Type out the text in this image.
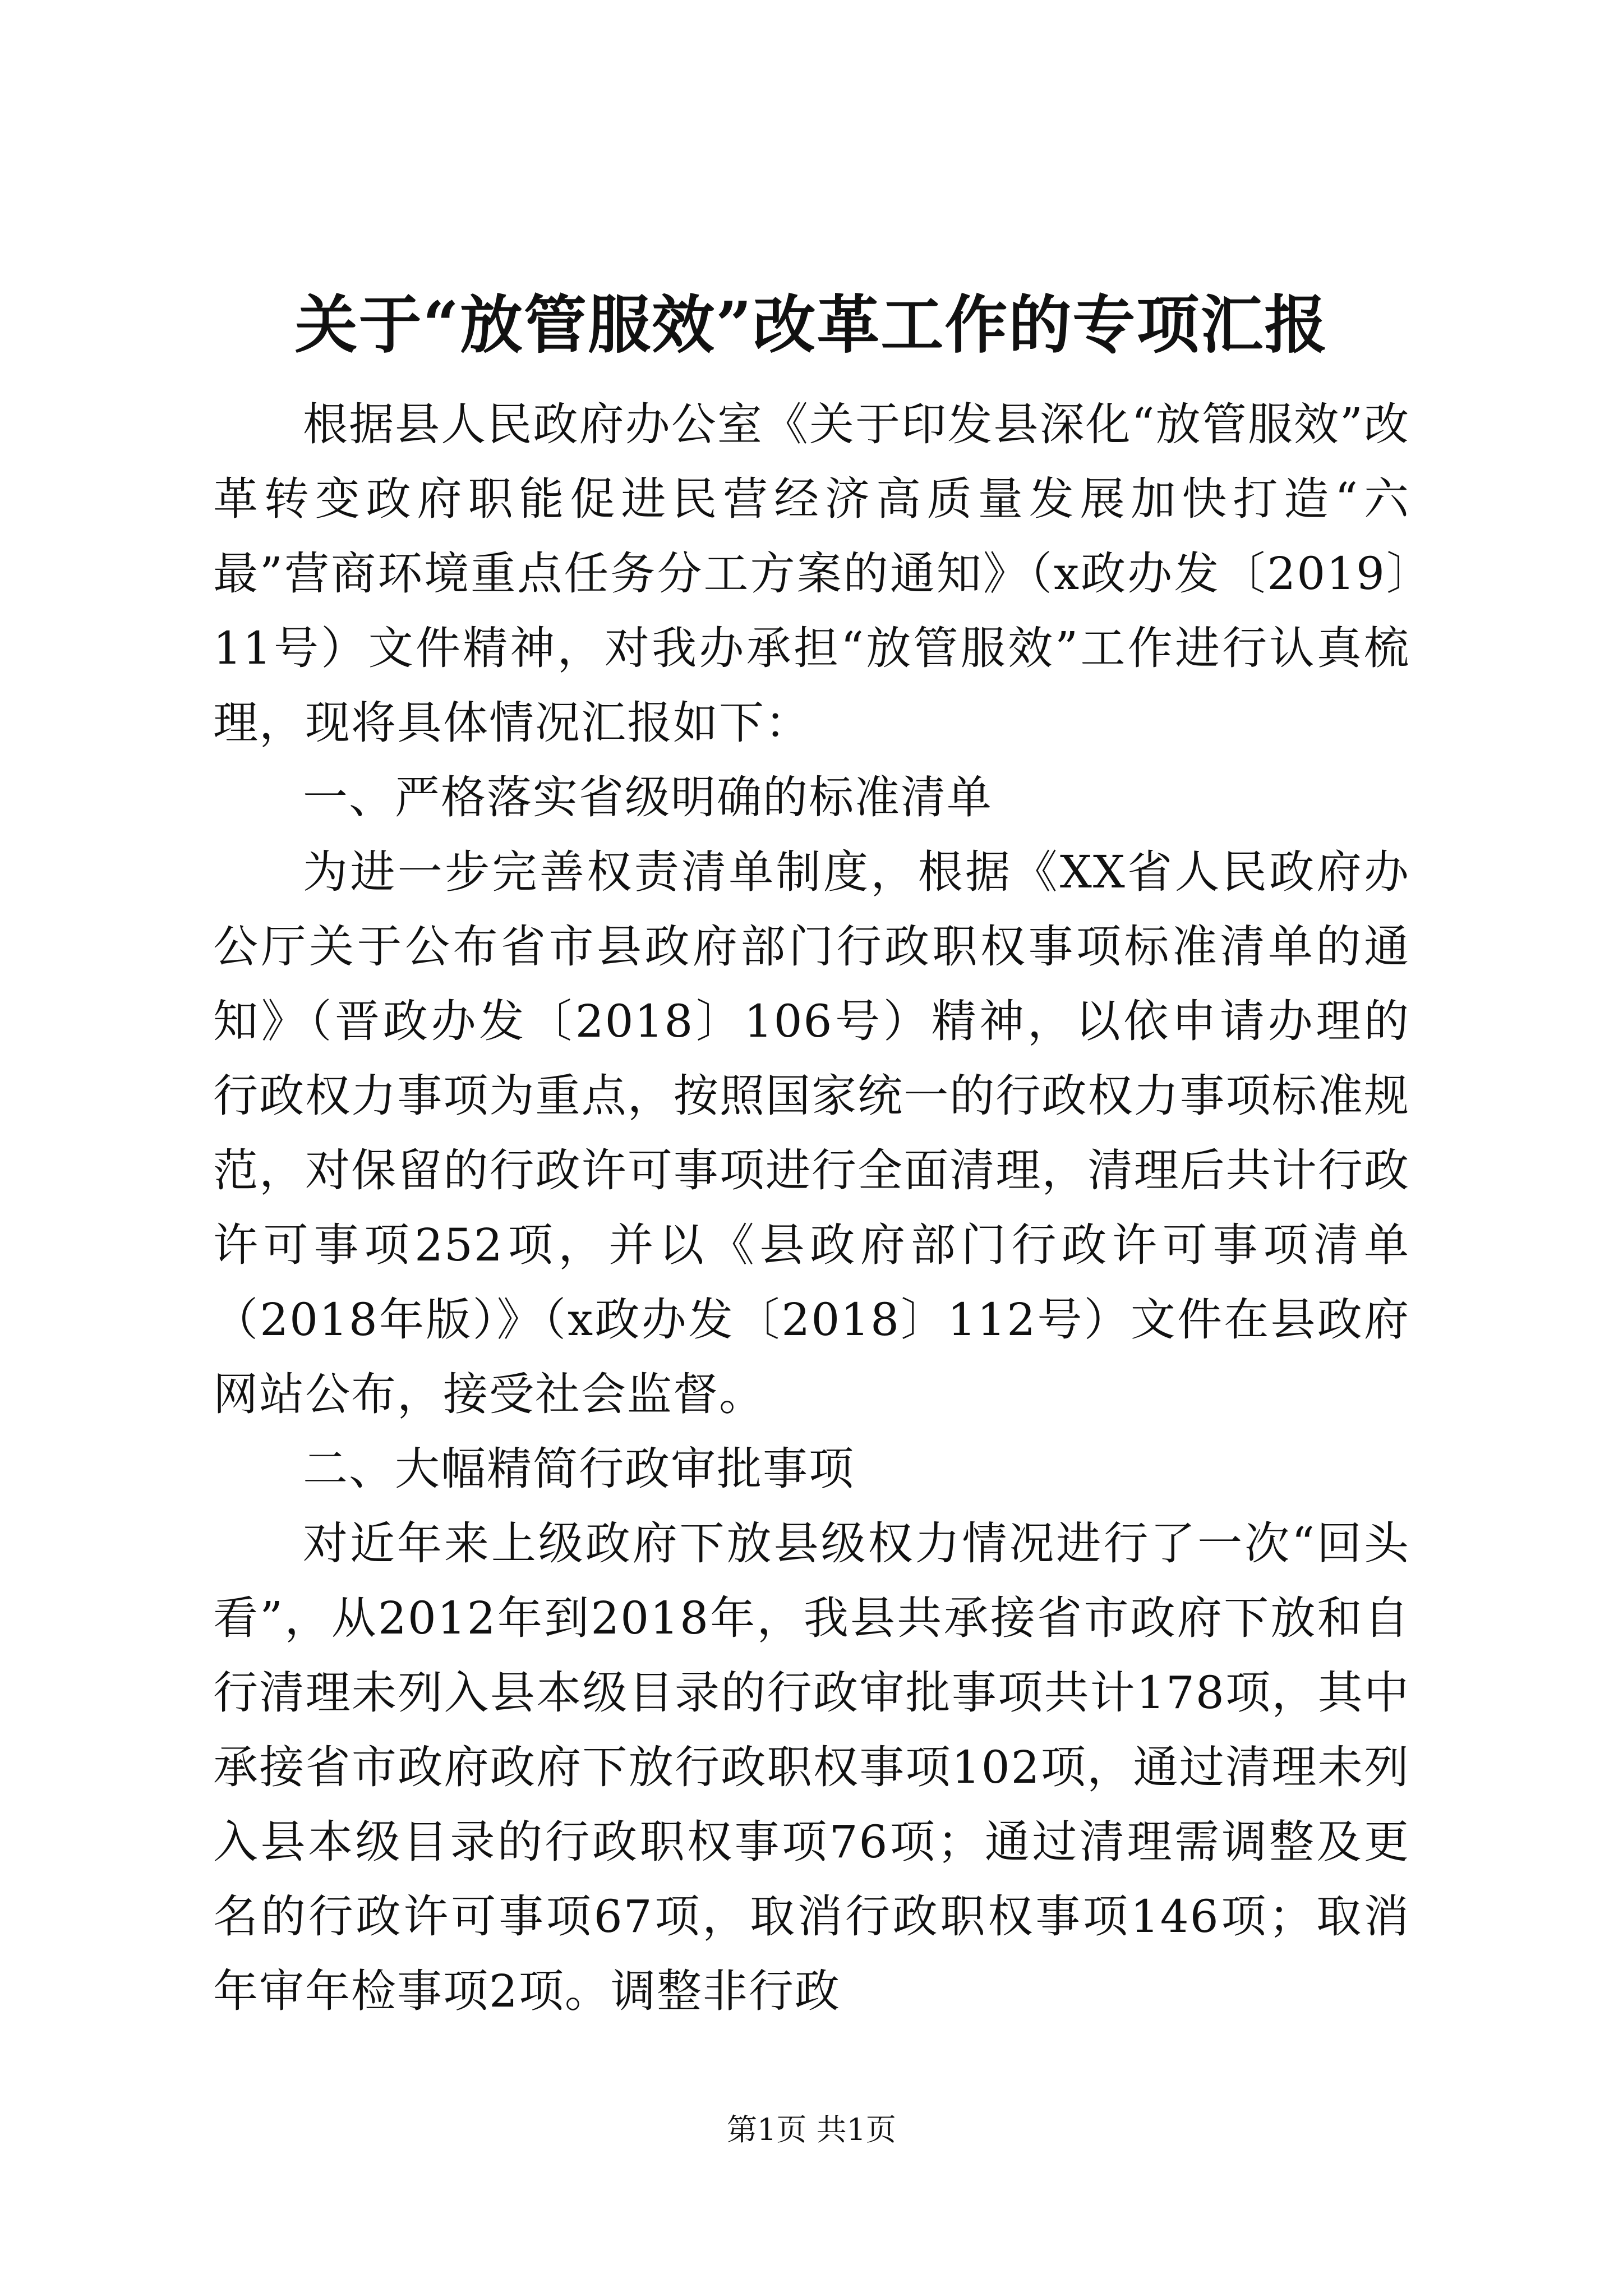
关于“放管服效”改革工作的专项汇报

根据县人民政府办公室《关于印发县深化“放管服效”改革转变政府职能促进民营经济高质量发展加快打造“六最”营商环境重点任务分工方案的通知》（x政办发〔2019〕11号）文件精神，对我办承担“放管服效”工作进行认真梳理，现将具体情况汇报如下：

一、严格落实省级明确的标准清单

为进一步完善权责清单制度，根据《XX省人民政府办公厅关于公布省市县政府部门行政职权事项标准清单的通知》（晋政办发〔2018〕106号）精神，以依申请办理的行政权力事项为重点，按照国家统一的行政权力事项标准规范，对保留的行政许可事项进行全面清理，清理后共计行政许可事项252项，并以《县政府部门行政许可事项清单（2018年版）》（x政办发〔2018〕112号）文件在县政府网站公布，接受社会监督。

二、大幅精简行政审批事项

对近年来上级政府下放县级权力情况进行了一次“回头看”，从2012年到2018年，我县共承接省市政府下放和自行清理未列入县本级目录的行政审批事项共计178项，其中承接省市政府政府下放行政职权事项102项，通过清理未列入县本级目录的行政职权事项76项；通过清理需调整及更名的行政许可事项67项，取消行政职权事项146项；取消年审年检事项2项。调整非行政

第1页 共1页
